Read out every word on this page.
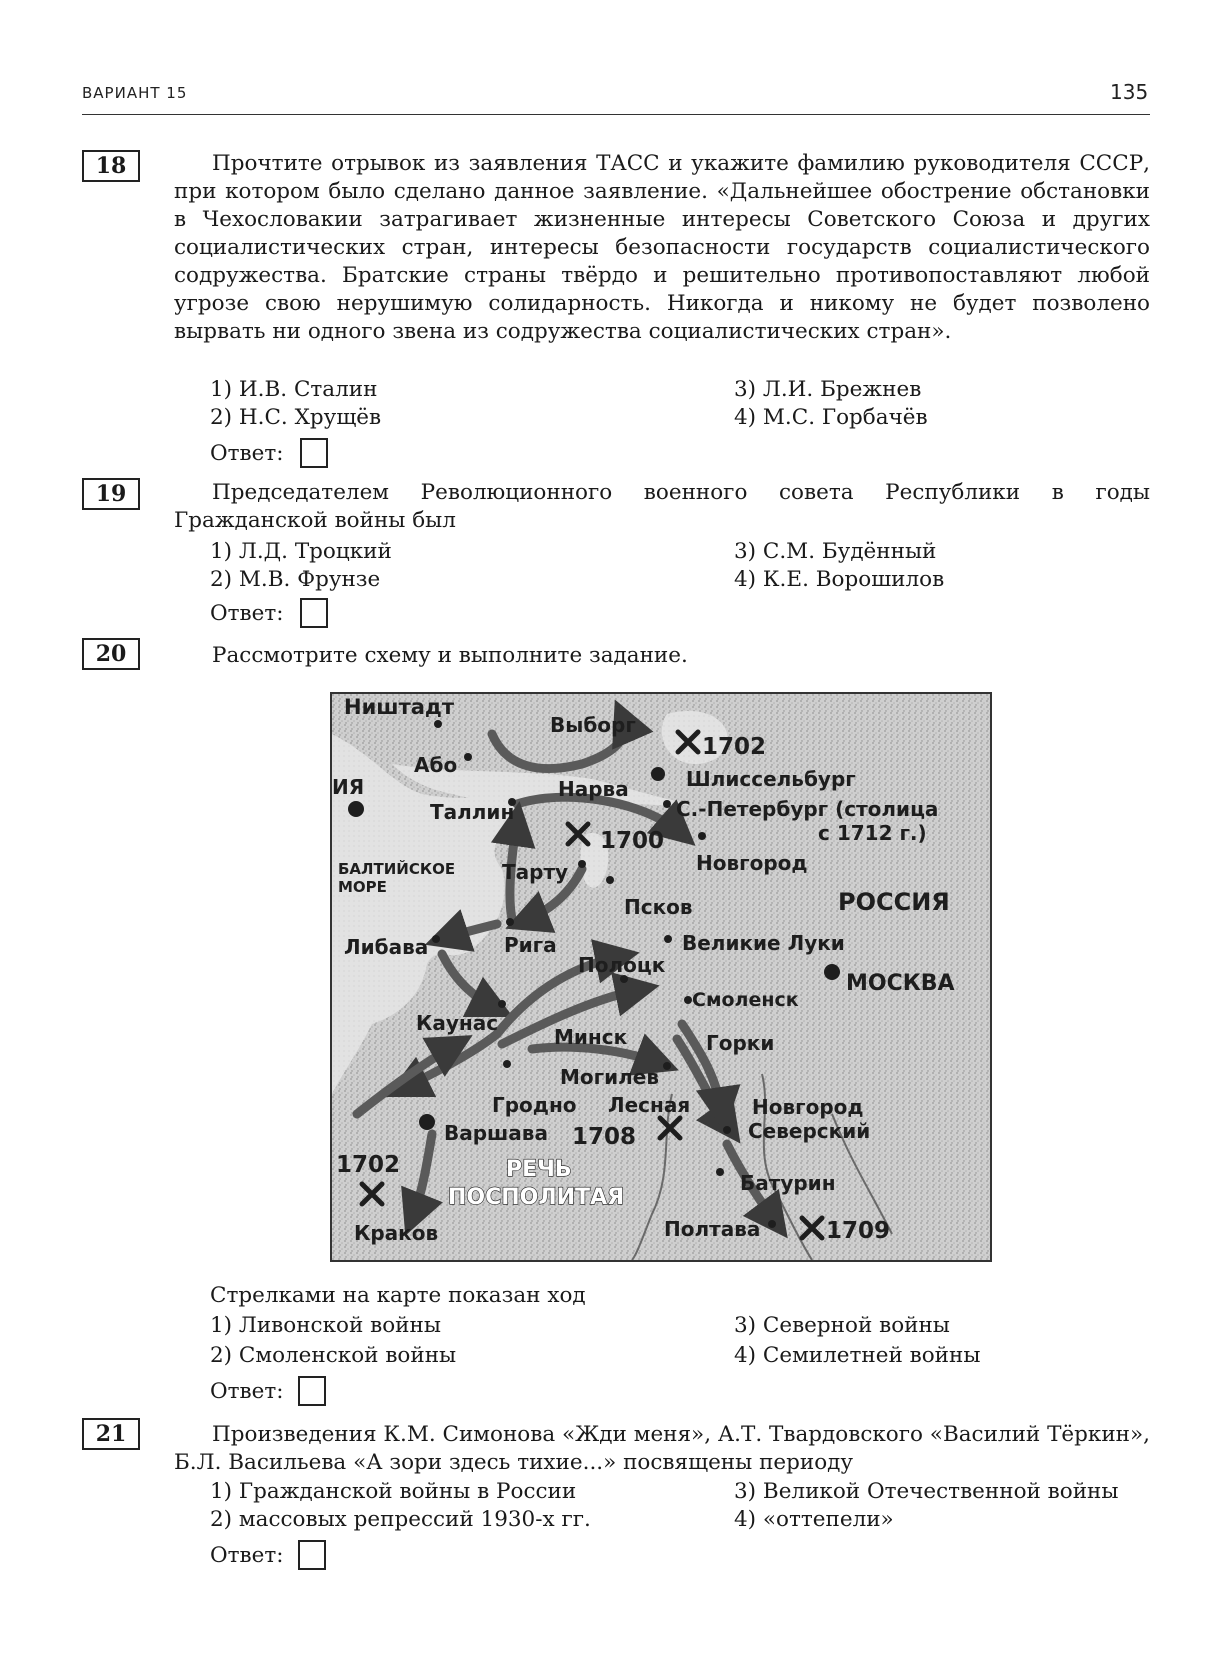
ВАРИАНТ 15	135
18	Прочтите отрывок из заявления ТАСС и укажите фамилию руководителя СССР, при котором было сделано данное заявление. «Дальнейшее обострение обстановки в Чехословакии затрагивает жизненные интересы Советского Союза и других социалистических стран, интересы безопасности государств социалистического содружества. Братские страны твёрдо и решительно противопоставляют любой угрозе свою нерушимую солидарность. Никогда и никому не будет позволено вырвать ни одного звена из содружества социалистических стран».

1) И.В. Сталин
2) Н.С. Хрущёв
3) Л.И. Брежнев
4) М.С. Горбачёв
Ответ:
19	Председателем Революционного военного совета Республики в годы Гражданской войны был

1) Л.Д. Троцкий
2) М.В. Фрунзе
3) С.М. Будённый
4) К.Е. Ворошилов
Ответ:
20	Рассмотрите схему и выполните задание.

Ништадт
Выборг
1702
Шлиссельбург
Або
ИЯ	Нарва
Таллин	С.-Петербург (столица
с 1712 г.)
1700
БАЛТИЙСКОЕ
МОРЕ
Тарту	Новгород
Псков	РОССИЯ
Великие Луки
Либава	Рига
Полоцк
МОСКВА
Смоленск
Каунас
Минск	Горки
Могилев
Гродно Лесная	Новгород
Северский
Варшава 1708
1702	РЕЧЬ
ПОСПОЛИТАЯ
Батурин
Краков	Полтава	1709
Стрелками на карте показан ход
1) Ливонской войны
2) Смоленской войны
3) Северной войны
4) Семилетней войны
Ответ:
21	Произведения К.М. Симонова «Жди меня», А.Т. Твардовского «Василий Тёркин», Б.Л. Васильева «А зори здесь тихие...» посвящены периоду

1) Гражданской войны в России
2) массовых репрессий 1930-х гг.
3) Великой Отечественной войны
4) «оттепели»
Ответ:
